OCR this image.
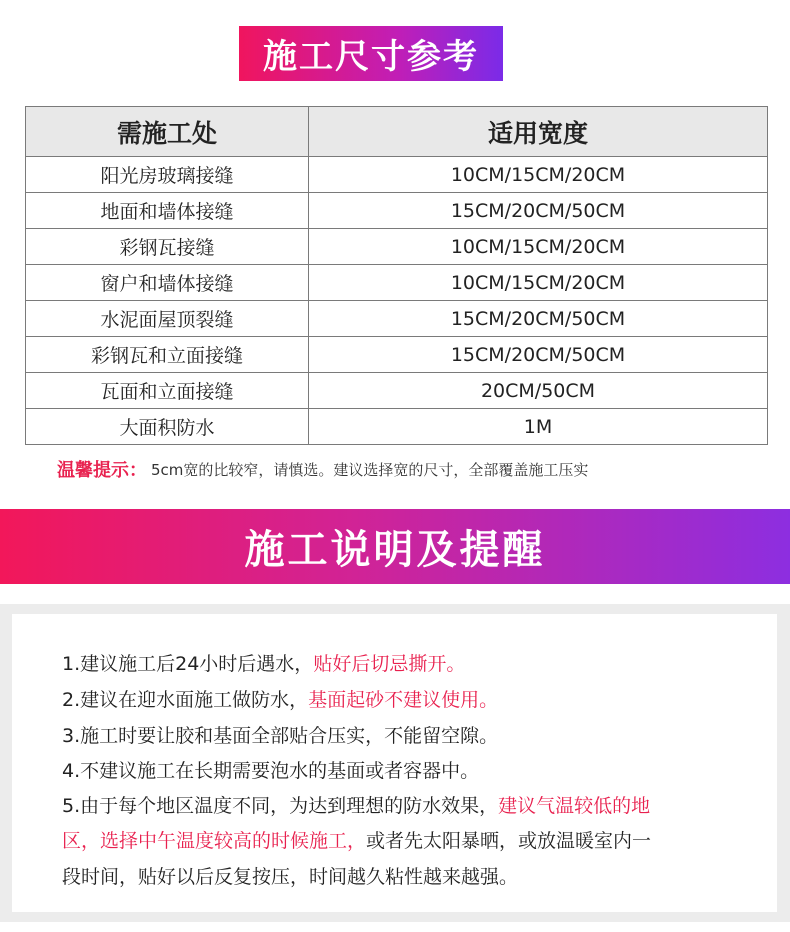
施工尺寸参考
需施工处	适用宽度
阳光房玻璃接缝	10CM/15CM/20CM
地面和墙体接缝	15CM/20CM/50CM
彩钢瓦接缝	10CM/15CM/20CM
窗户和墙体接缝	10CM/15CM/20CM
水泥面屋顶裂缝	15CM/20CM/50CM
彩钢瓦和立面接缝	15CM/20CM/50CM
瓦面和立面接缝	20CM/50CM
大面积防水	1M
温馨提示： 5cm宽的比较窄，请慎选。建议选择宽的尺寸，全部覆盖施工压实
施工说明及提醒
1.建议施工后24小时后遇水，贴好后切忌撕开。
2.建议在迎水面施工做防水，基面起砂不建议使用。
3.施工时要让胶和基面全部贴合压实，不能留空隙。
4.不建议施工在长期需要泡水的基面或者容器中。
5.由于每个地区温度不同，为达到理想的防水效果，建议气温较低的地
区，选择中午温度较高的时候施工，或者先太阳暴晒，或放温暖室内一
段时间，贴好以后反复按压，时间越久粘性越来越强。
